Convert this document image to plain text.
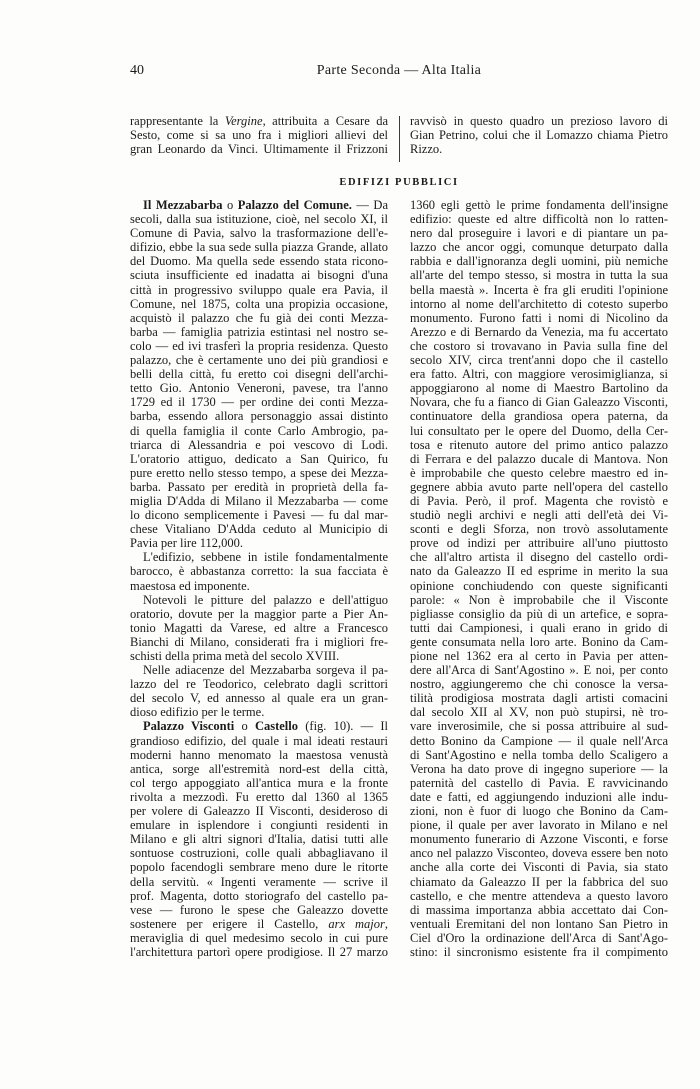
40	Parte Seconda — Alta Italia
rappresentante la Vergine, attribuita a Cesare da
Sesto, come si sa uno fra i migliori allievi del
gran Leonardo da Vinci. Ultimamente il Frizzoni
ravvisò in questo quadro un prezioso lavoro di
Gian Petrino, colui che il Lomazzo chiama Pietro
Rizzo.
EDIFIZI PUBBLICI
Il Mezzabarba o Palazzo del Comune. — Da
secoli, dalla sua istituzione, cioè, nel secolo XI, il
Comune di Pavia, salvo la trasformazione dell'e-
difizio, ebbe la sua sede sulla piazza Grande, allato
del Duomo. Ma quella sede essendo stata ricono-
sciuta insufficiente ed inadatta ai bisogni d'una
città in progressivo sviluppo quale era Pavia, il
Comune, nel 1875, colta una propizia occasione,
acquistò il palazzo che fu già dei conti Mezza-
barba — famiglia patrizia estintasi nel nostro se-
colo — ed ivi trasferì la propria residenza. Questo
palazzo, che è certamente uno dei più grandiosi e
belli della città, fu eretto coi disegni dell'archi-
tetto Gio. Antonio Veneroni, pavese, tra l'anno
1729 ed il 1730 — per ordine dei conti Mezza-
barba, essendo allora personaggio assai distinto
di quella famiglia il conte Carlo Ambrogio, pa-
triarca di Alessandria e poi vescovo di Lodi.
L'oratorio attiguo, dedicato a San Quirico, fu
pure eretto nello stesso tempo, a spese dei Mezza-
barba. Passato per eredità in proprietà della fa-
miglia D'Adda di Milano il Mezzabarba — come
lo dicono semplicemente i Pavesi — fu dal mar-
chese Vitaliano D'Adda ceduto al Municipio di
Pavia per lire 112,000.
L'edifizio, sebbene in istile fondamentalmente
barocco, è abbastanza corretto: la sua facciata è
maestosa ed imponente.
Notevoli le pitture del palazzo e dell'attiguo
oratorio, dovute per la maggior parte a Pier An-
tonio Magatti da Varese, ed altre a Francesco
Bianchi di Milano, considerati fra i migliori fre-
schisti della prima metà del secolo XVIII.
Nelle adiacenze del Mezzabarba sorgeva il pa-
lazzo del re Teodorico, celebrato dagli scrittori
del secolo V, ed annesso al quale era un gran-
dioso edifizio per le terme.
Palazzo Visconti o Castello (fig. 10). — Il
grandioso edifizio, del quale i mal ideati restauri
moderni hanno menomato la maestosa venustà
antica, sorge all'estremità nord-est della città,
col tergo appoggiato all'antica mura e la fronte
rivolta a mezzodì. Fu eretto dal 1360 al 1365
per volere di Galeazzo II Visconti, desideroso di
emulare in isplendore i congiunti residenti in
Milano e gli altri signori d'Italia, datisi tutti alle
sontuose costruzioni, colle quali abbagliavano il
popolo facendogli sembrare meno dure le ritorte
della servitù. « Ingenti veramente — scrive il
prof. Magenta, dotto storiografo del castello pa-
vese — furono le spese che Galeazzo dovette
sostenere per erigere il Castello, arx major,
meraviglia di quel medesimo secolo in cui pure
l'architettura partorì opere prodigiose. Il 27 marzo
1360 egli gettò le prime fondamenta dell'insigne
edifizio: queste ed altre difficoltà non lo ratten-
nero dal proseguire i lavori e di piantare un pa-
lazzo che ancor oggi, comunque deturpato dalla
rabbia e dall'ignoranza degli uomini, più nemiche
all'arte del tempo stesso, si mostra in tutta la sua
bella maestà ». Incerta è fra gli eruditi l'opinione
intorno al nome dell'architetto di cotesto superbo
monumento. Furono fatti i nomi di Nicolino da
Arezzo e di Bernardo da Venezia, ma fu accertato
che costoro si trovavano in Pavia sulla fine del
secolo XIV, circa trent'anni dopo che il castello
era fatto. Altri, con maggiore verosimiglianza, si
appoggiarono al nome di Maestro Bartolino da
Novara, che fu a fianco di Gian Galeazzo Visconti,
continuatore della grandiosa opera paterna, da
lui consultato per le opere del Duomo, della Cer-
tosa e ritenuto autore del primo antico palazzo
di Ferrara e del palazzo ducale di Mantova. Non
è improbabile che questo celebre maestro ed in-
gegnere abbia avuto parte nell'opera del castello
di Pavia. Però, il prof. Magenta che rovistò e
studiò negli archivi e negli atti dell'età dei Vi-
sconti e degli Sforza, non trovò assolutamente
prove od indizi per attribuire all'uno piuttosto
che all'altro artista il disegno del castello ordi-
nato da Galeazzo II ed esprime in merito la sua
opinione conchiudendo con queste significanti
parole: « Non è improbabile che il Visconte
pigliasse consiglio da più di un artefice, e sopra-
tutti dai Campionesi, i quali erano in grido di
gente consumata nella loro arte. Bonino da Cam-
pione nel 1362 era al certo in Pavia per atten-
dere all'Arca di Sant'Agostino ». E noi, per conto
nostro, aggiungeremo che chi conosce la versa-
tilità prodigiosa mostrata dagli artisti comacini
dal secolo XII al XV, non può stupirsi, nè tro-
vare inverosimile, che si possa attribuire al sud-
detto Bonino da Campione — il quale nell'Arca
di Sant'Agostino e nella tomba dello Scaligero a
Verona ha dato prove di ingegno superiore — la
paternità del castello di Pavia. E ravvicinando
date e fatti, ed aggiungendo induzioni alle indu-
zioni, non è fuor di luogo che Bonino da Cam-
pione, il quale per aver lavorato in Milano e nel
monumento funerario di Azzone Visconti, e forse
anco nel palazzo Visconteo, doveva essere ben noto
anche alla corte dei Visconti di Pavia, sia stato
chiamato da Galeazzo II per la fabbrica del suo
castello, e che mentre attendeva a questo lavoro
di massima importanza abbia accettato dai Con-
ventuali Eremitani del non lontano San Pietro in
Ciel d'Oro la ordinazione dell'Arca di Sant'Ago-
stino: il sincronismo esistente fra il compimento
